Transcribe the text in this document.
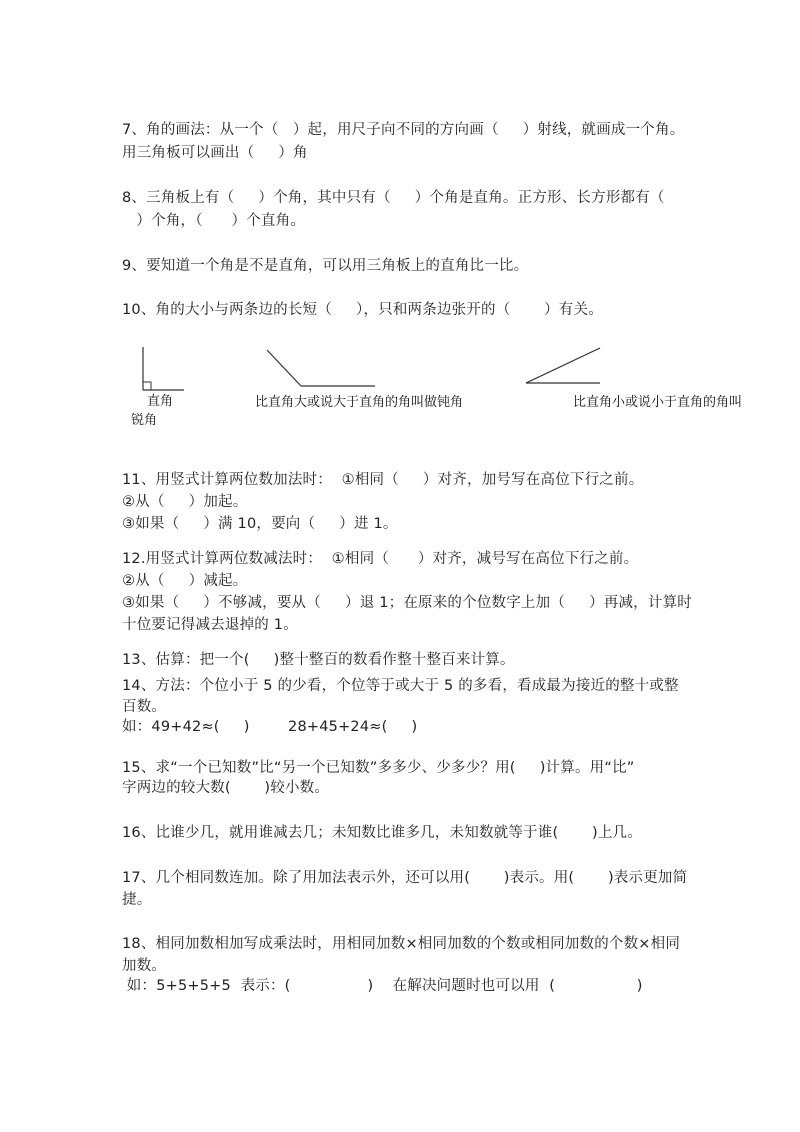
7、角的画法：从一个（   ）起，用尺子向不同的方向画（     ）射线，就画成一个角。
用三角板可以画出（     ）角
8、三角板上有（     ）个角，其中只有（     ）个角是直角。正方形、长方形都有（
）个角，（      ）个直角。
9、要知道一个角是不是直角，可以用三角板上的直角比一比。
10、角的大小与两条边的长短（     ），只和两条边张开的（       ）有关。
直角
锐角
比直角大或说大于直角的角叫做钝角	比直角小或说小于直角的角叫
11、用竖式计算两位数加法时：  ①相同（     ）对齐，加号写在高位下行之前。
②从（     ）加起。
③如果（     ）满 10，要向（     ）进 1。
12.用竖式计算两位数减法时：  ①相同（      ）对齐，减号写在高位下行之前。
②从（     ）减起。
③如果（     ）不够减，要从（     ）退 1；在原来的个位数字上加（     ）再减，计算时
十位要记得减去退掉的 1。
13、估算：把一个(     )整十整百的数看作整十整百来计算。
14、方法：个位小于 5 的少看，个位等于或大于 5 的多看，看成最为接近的整十或整
百数。
如：49+42≈(     )        28+45+24≈(     )
15、求“一个已知数”比“另一个已知数”多多少、少多少？用(     )计算。用“比”
字两边的较大数(       )较小数。
16、比谁少几，就用谁减去几；未知数比谁多几，未知数就等于谁(       )上几。
17、几个相同数连加。除了用加法表示外，还可以用(       )表示。用(       )表示更加简
捷。
18、相同加数相加写成乘法时，用相同加数×相同加数的个数或相同加数的个数×相同
加数。
如：5+5+5+5  表示：(                )    在解决问题时也可以用  (                 )
